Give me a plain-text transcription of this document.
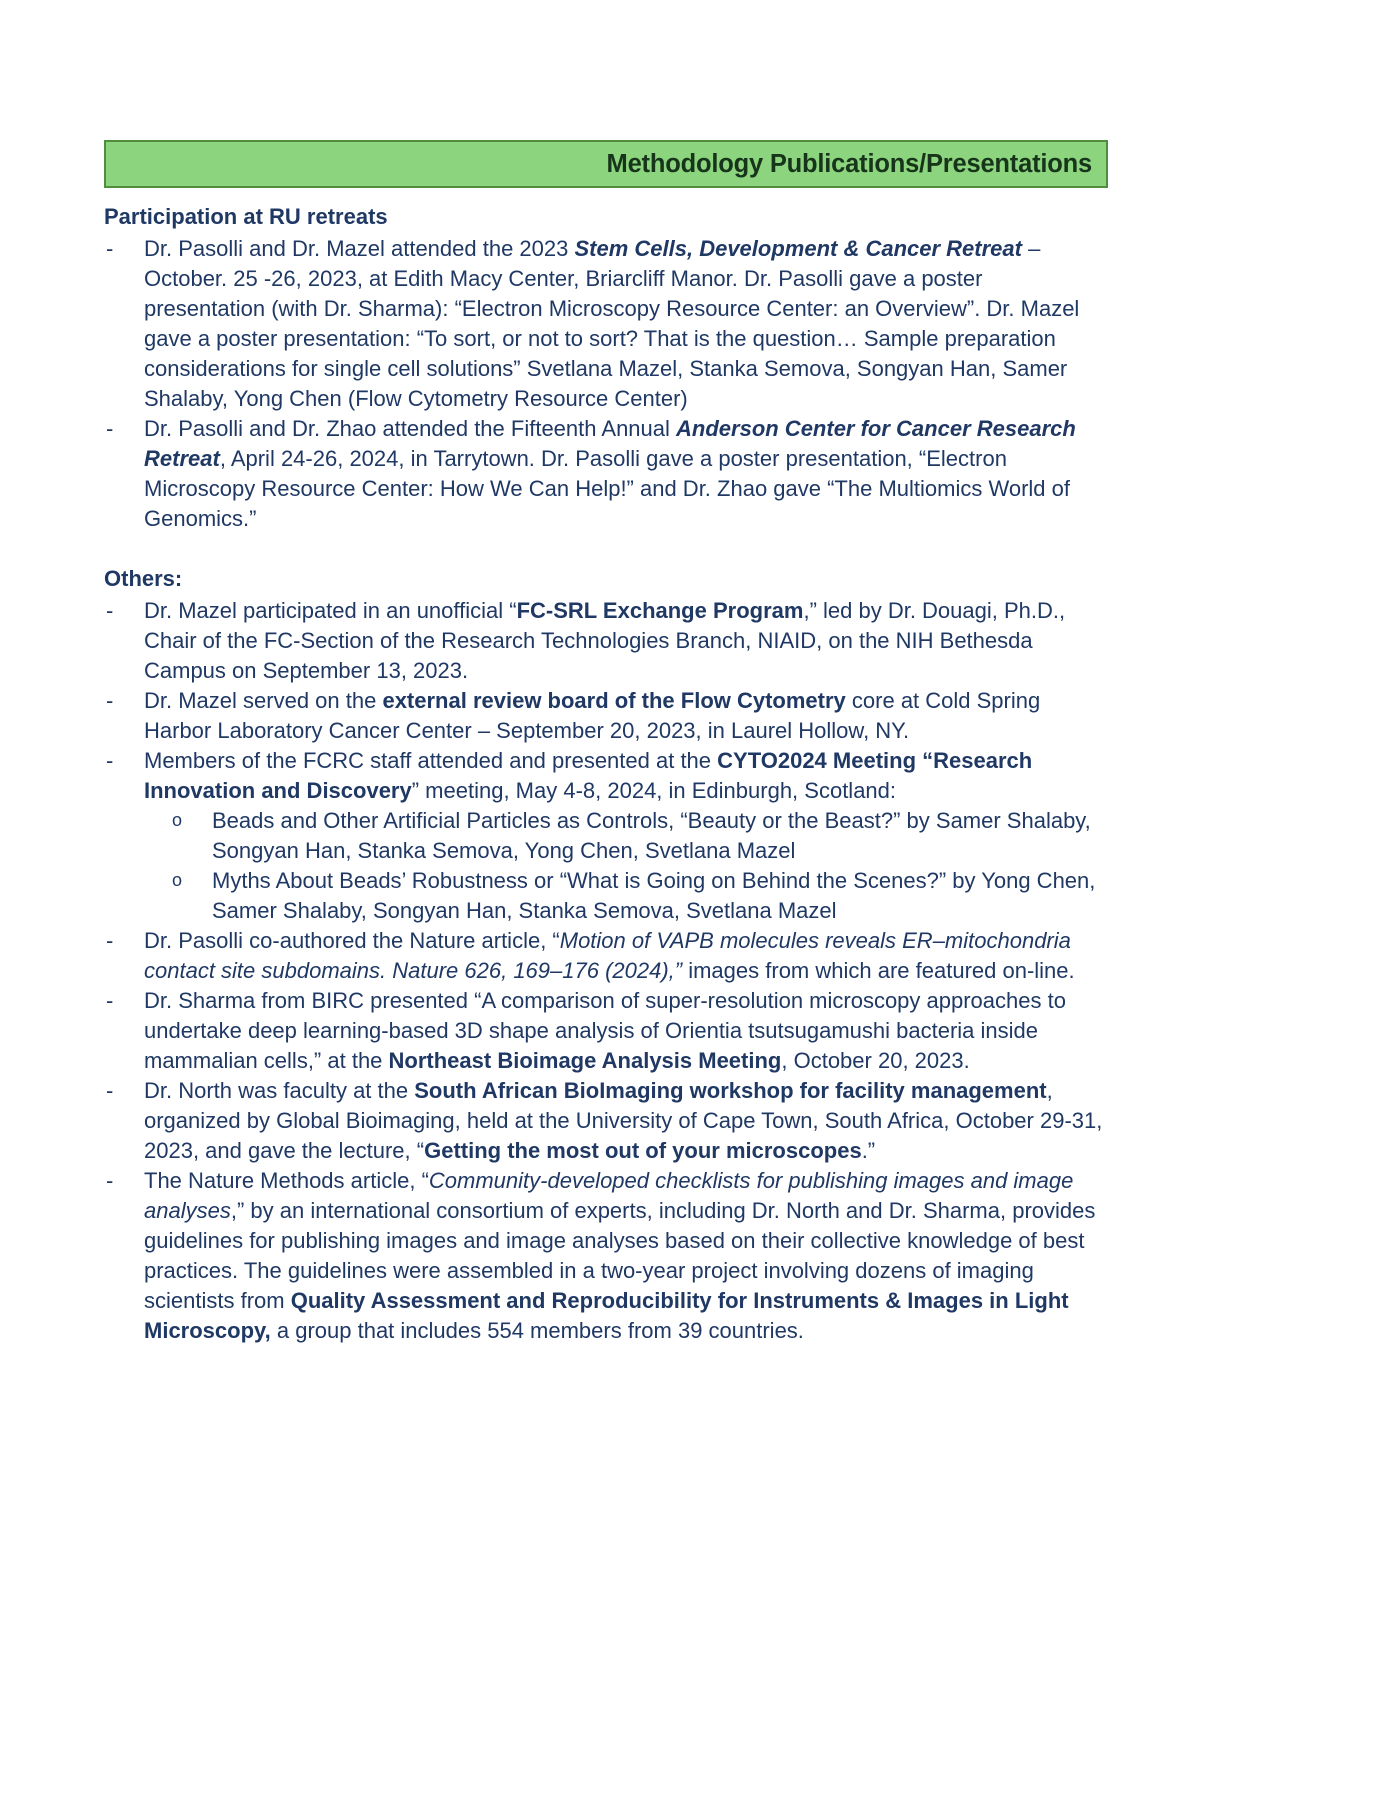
Methodology Publications/Presentations
Participation at RU retreats
-	Dr. Pasolli and Dr. Mazel attended the 2023 Stem Cells, Development & Cancer Retreat – October. 25 -26, 2023, at Edith Macy Center, Briarcliff Manor. Dr. Pasolli gave a poster presentation (with Dr. Sharma): “Electron Microscopy Resource Center: an Overview”. Dr. Mazel gave a poster presentation: “To sort, or not to sort? That is the question… Sample preparation considerations for single cell solutions” Svetlana Mazel, Stanka Semova, Songyan Han, Samer Shalaby, Yong Chen (Flow Cytometry Resource Center)
-	Dr. Pasolli and Dr. Zhao attended the Fifteenth Annual Anderson Center for Cancer Research Retreat, April 24-26, 2024, in Tarrytown. Dr. Pasolli gave a poster presentation, “Electron Microscopy Resource Center: How We Can Help!” and Dr. Zhao gave “The Multiomics World of Genomics.”
Others:
-	Dr. Mazel participated in an unofficial “FC-SRL Exchange Program,” led by Dr. Douagi, Ph.D., Chair of the FC-Section of the Research Technologies Branch, NIAID, on the NIH Bethesda Campus on September 13, 2023.
-	Dr. Mazel served on the external review board of the Flow Cytometry core at Cold Spring Harbor Laboratory Cancer Center – September 20, 2023, in Laurel Hollow, NY.
-	Members of the FCRC staff attended and presented at the CYTO2024 Meeting “Research Innovation and Discovery” meeting, May 4-8, 2024, in Edinburgh, Scotland:
o Beads and Other Artificial Particles as Controls, “Beauty or the Beast?” by Samer Shalaby, Songyan Han, Stanka Semova, Yong Chen, Svetlana Mazel
o Myths About Beads’ Robustness or “What is Going on Behind the Scenes?” by Yong Chen, Samer Shalaby, Songyan Han, Stanka Semova, Svetlana Mazel
-	Dr. Pasolli co-authored the Nature article, “Motion of VAPB molecules reveals ER–mitochondria contact site subdomains. Nature 626, 169–176 (2024),” images from which are featured on-line.
-	Dr. Sharma from BIRC presented “A comparison of super-resolution microscopy approaches to undertake deep learning-based 3D shape analysis of Orientia tsutsugamushi bacteria inside mammalian cells,” at the Northeast Bioimage Analysis Meeting, October 20, 2023.
-	Dr. North was faculty at the South African BioImaging workshop for facility management, organized by Global Bioimaging, held at the University of Cape Town, South Africa, October 29-31, 2023, and gave the lecture, “Getting the most out of your microscopes.”
-	The Nature Methods article, “Community-developed checklists for publishing images and image analyses,” by an international consortium of experts, including Dr. North and Dr. Sharma, provides guidelines for publishing images and image analyses based on their collective knowledge of best practices. The guidelines were assembled in a two-year project involving dozens of imaging scientists from Quality Assessment and Reproducibility for Instruments & Images in Light Microscopy, a group that includes 554 members from 39 countries.
